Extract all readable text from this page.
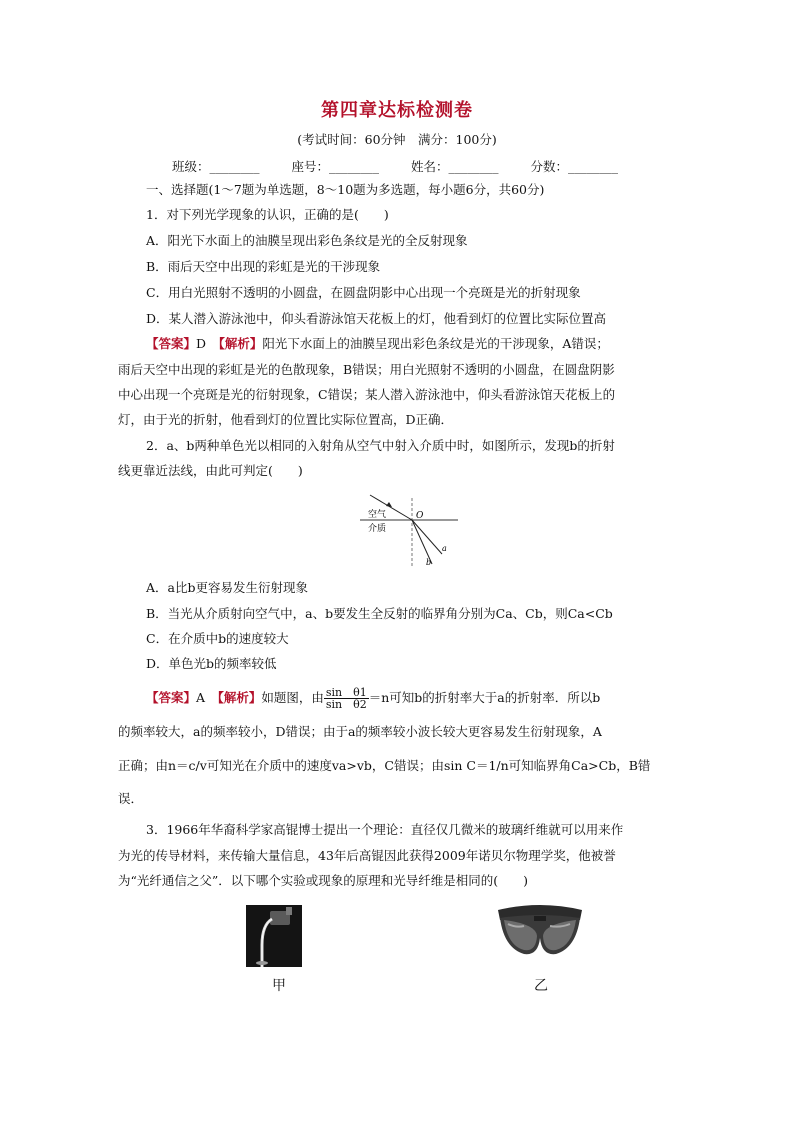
第四章达标检测卷
(考试时间：60分钟　满分：100分)
班级：________	座号：________	姓名：________	分数：________
一、选择题(1～7题为单选题，8～10题为多选题，每小题6分，共60分)
1．对下列光学现象的认识，正确的是(　　)
A．阳光下水面上的油膜呈现出彩色条纹是光的全反射现象
B．雨后天空中出现的彩虹是光的干涉现象
C．用白光照射不透明的小圆盘，在圆盘阴影中心出现一个亮斑是光的折射现象
D．某人潜入游泳池中，仰头看游泳馆天花板上的灯，他看到灯的位置比实际位置高
【答案】D　 【解析】阳光下水面上的油膜呈现出彩色条纹是光的干涉现象，A错误；
雨后天空中出现的彩虹是光的色散现象，B错误；用白光照射不透明的小圆盘，在圆盘阴影
中心出现一个亮斑是光的衍射现象，C错误；某人潜入游泳池中，仰头看游泳馆天花板上的
灯，由于光的折射，他看到灯的位置比实际位置高，D正确．
2．a、b两种单色光以相同的入射角从空气中射入介质中时，如图所示，发现b的折射
线更靠近法线，由此可判定(　　)
空气
介质
O
a
b
A．a比b更容易发生衍射现象
B．当光从介质射向空气中，a、b要发生全反射的临界角分别为Ca、Cb，则Ca<Cb
C．在介质中b的速度较大
D．单色光b的频率较低
【答案】A　 【解析】如题图，由 $\frac{\text{sin　θ1}}{\text{sin　θ2}} =n$可知b的折射率大于a的折射率．所以b
的频率较大，a的频率较小，D错误；由于a的频率较小波长较大更容易发生衍射现象，A
正确；由n＝c/v可知光在介质中的速度va>vb，C错误；由sin C＝1/n可知临界角Ca>Cb，B错
误．
3．1966年华裔科学家高锟博士提出一个理论：直径仅几微米的玻璃纤维就可以用来作
为光的传导材料，来传输大量信息，43年后高锟因此获得2009年诺贝尔物理学奖，他被誉
为“光纤通信之父”．以下哪个实验或现象的原理和光导纤维是相同的(　　)
甲	乙
